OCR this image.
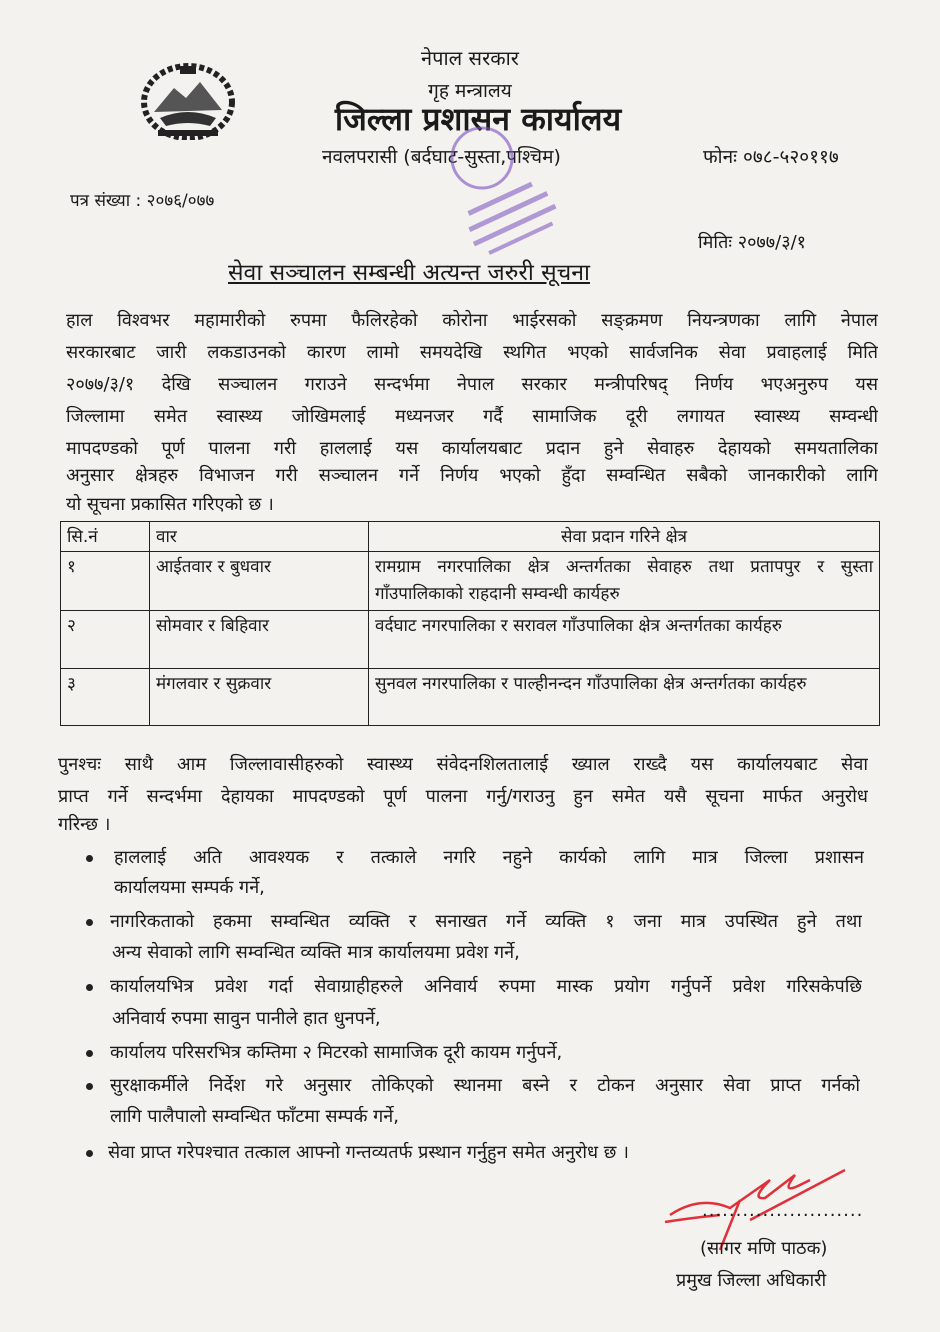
नेपाल सरकार
गृह मन्त्रालय
जिल्ला प्रशासन कार्यालय
नवलपरासी (बर्दघाट-सुस्ता,पश्चिम)	फोनः ०७८-५२०११७
पत्र संख्या : २०७६/०७७
मितिः २०७७/३/१
सेवा सञ्चालन सम्बन्धी अत्यन्त जरुरी सूचना
हाल विश्वभर महामारीको रुपमा फैलिरहेको कोरोना भाईरसको सङ्क्रमण नियन्त्रणका लागि नेपाल
सरकारबाट जारी लकडाउनको कारण लामो समयदेखि स्थगित भएको सार्वजनिक सेवा प्रवाहलाई मिति
२०७७/३/१ देखि सञ्चालन गराउने सन्दर्भमा नेपाल सरकार मन्त्रीपरिषद् निर्णय भएअनुरुप यस
जिल्लामा समेत स्वास्थ्य जोखिमलाई मध्यनजर गर्दै सामाजिक दूरी लगायत स्वास्थ्य सम्वन्धी
मापदण्डको पूर्ण पालना गरी हाललाई यस कार्यालयबाट प्रदान हुने सेवाहरु देहायको समयतालिका
अनुसार क्षेत्रहरु विभाजन गरी सञ्चालन गर्ने निर्णय भएको हुँदा सम्वन्धित सबैको जानकारीको लागि
यो सूचना प्रकासित गरिएको छ ।
सि.नं	वार	सेवा प्रदान गरिने क्षेत्र
१	आईतवार र बुधवार	रामग्राम नगरपालिका क्षेत्र अन्तर्गतका सेवाहरु तथा प्रतापपुर र सुस्ता गाँउपालिकाको राहदानी सम्वन्धी कार्यहरु
२	सोमवार र बिहिवार	वर्दघाट नगरपालिका र सरावल गाँउपालिका क्षेत्र अन्तर्गतका कार्यहरु
३	मंगलवार र सुक्रवार	सुनवल नगरपालिका र पाल्हीनन्दन गाँउपालिका क्षेत्र अन्तर्गतका कार्यहरु
पुनश्चः साथै आम जिल्लावासीहरुको स्वास्थ्य संवेदनशिलतालाई ख्याल राख्दै यस कार्यालयबाट सेवा
प्राप्त गर्ने सन्दर्भमा देहायका मापदण्डको पूर्ण पालना गर्नु/गराउनु हुन समेत यसै सूचना मार्फत अनुरोध
गरिन्छ ।
हाललाई अति आवश्यक र तत्काले नगरि नहुने कार्यको लागि मात्र जिल्ला प्रशासन
कार्यालयमा सम्पर्क गर्ने,
नागरिकताको हकमा सम्वन्धित व्यक्ति र सनाखत गर्ने व्यक्ति १ जना मात्र उपस्थित हुने तथा
अन्य सेवाको लागि सम्वन्धित व्यक्ति मात्र कार्यालयमा प्रवेश गर्ने,
कार्यालयभित्र प्रवेश गर्दा सेवाग्राहीहरुले अनिवार्य रुपमा मास्क प्रयोग गर्नुपर्ने प्रवेश गरिसकेपछि
अनिवार्य रुपमा सावुन पानीले हात धुनपर्ने,
कार्यालय परिसरभित्र कम्तिमा २ मिटरको सामाजिक दूरी कायम गर्नुपर्ने,
सुरक्षाकर्मीले निर्देश गरे अनुसार तोकिएको स्थानमा बस्ने र टोकन अनुसार सेवा प्राप्त गर्नको
लागि पालैपालो सम्वन्धित फाँटमा सम्पर्क गर्ने,
सेवा प्राप्त गरेपश्चात तत्काल आफ्नो गन्तव्यतर्फ प्रस्थान गर्नुहुन समेत अनुरोध छ ।
........................
(सागर मणि पाठक)
प्रमुख जिल्ला अधिकारी
